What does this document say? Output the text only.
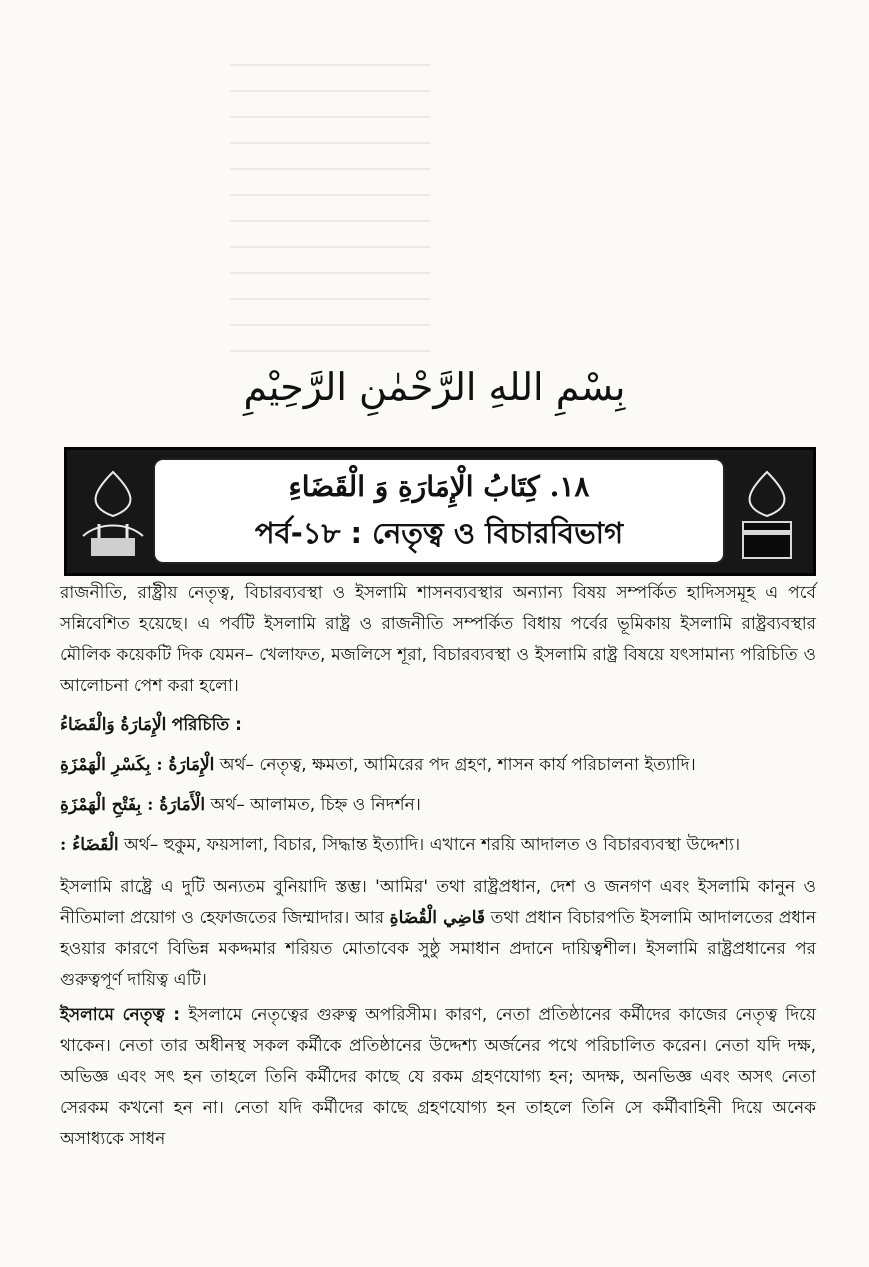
بِسْمِ اللهِ الرَّحْمٰنِ الرَّحِيْمِ
١٨. كِتَابُ الْإِمَارَةِ وَ الْقَضَاءِ
পর্ব-১৮ : নেতৃত্ব ও বিচারবিভাগ

রাজনীতি, রাষ্ট্রীয় নেতৃত্ব, বিচারব্যবস্থা ও ইসলামি শাসনব্যবস্থার অন্যান্য বিষয় সম্পর্কিত হাদিসসমূহ এ পর্বে সন্নিবেশিত হয়েছে। এ পর্বটি ইসলামি রাষ্ট্র ও রাজনীতি সম্পর্কিত বিধায় পর্বের ভূমিকায় ইসলামি রাষ্ট্রব্যবস্থার মৌলিক কয়েকটি দিক যেমন– খেলাফত, মজলিসে শূরা, বিচারব্যবস্থা ও ইসলামি রাষ্ট্র বিষয়ে যৎসামান্য পরিচিতি ও আলোচনা পেশ করা হলো।

الْإِمَارَةُ وَالْقَضَاءُ পরিচিতি :
الْإِمَارَةُ : بِكَسْرِ الْهَمْزَةِ অর্থ– নেতৃত্ব, ক্ষমতা, আমিরের পদ গ্রহণ, শাসন কার্য পরিচালনা ইত্যাদি।
الْأَمَارَةُ : بِفَتْحِ الْهَمْزَةِ অর্থ– আলামত, চিহ্ন ও নিদর্শন।
الْقَضَاءُ : অর্থ– হুকুম, ফয়সালা, বিচার, সিদ্ধান্ত ইত্যাদি। এখানে শরয়ি আদালত ও বিচারব্যবস্থা উদ্দেশ্য।

ইসলামি রাষ্ট্রে এ দুটি অন্যতম বুনিয়াদি স্তম্ভ। 'আমির' তথা রাষ্ট্রপ্রধান, দেশ ও জনগণ এবং ইসলামি কানুন ও নীতিমালা প্রয়োগ ও হেফাজতের জিম্মাদার। আর قَاضِي الْقُضَاةِ তথা প্রধান বিচারপতি ইসলামি আদালতের প্রধান হওয়ার কারণে বিভিন্ন মকদ্দমার শরিয়ত মোতাবেক সুষ্ঠু সমাধান প্রদানে দায়িত্বশীল। ইসলামি রাষ্ট্রপ্রধানের পর গুরুত্বপূর্ণ দায়িত্ব এটি।

ইসলামে নেতৃত্ব : ইসলামে নেতৃত্বের গুরুত্ব অপরিসীম। কারণ, নেতা প্রতিষ্ঠানের কর্মীদের কাজের নেতৃত্ব দিয়ে থাকেন। নেতা তার অধীনস্থ সকল কর্মীকে প্রতিষ্ঠানের উদ্দেশ্য অর্জনের পথে পরিচালিত করেন। নেতা যদি দক্ষ, অভিজ্ঞ এবং সৎ হন তাহলে তিনি কর্মীদের কাছে যে রকম গ্রহণযোগ্য হন; অদক্ষ, অনভিজ্ঞ এবং অসৎ নেতা সেরকম কখনো হন না। নেতা যদি কর্মীদের কাছে গ্রহণযোগ্য হন তাহলে তিনি সে কর্মীবাহিনী দিয়ে অনেক অসাধ্যকে সাধন
